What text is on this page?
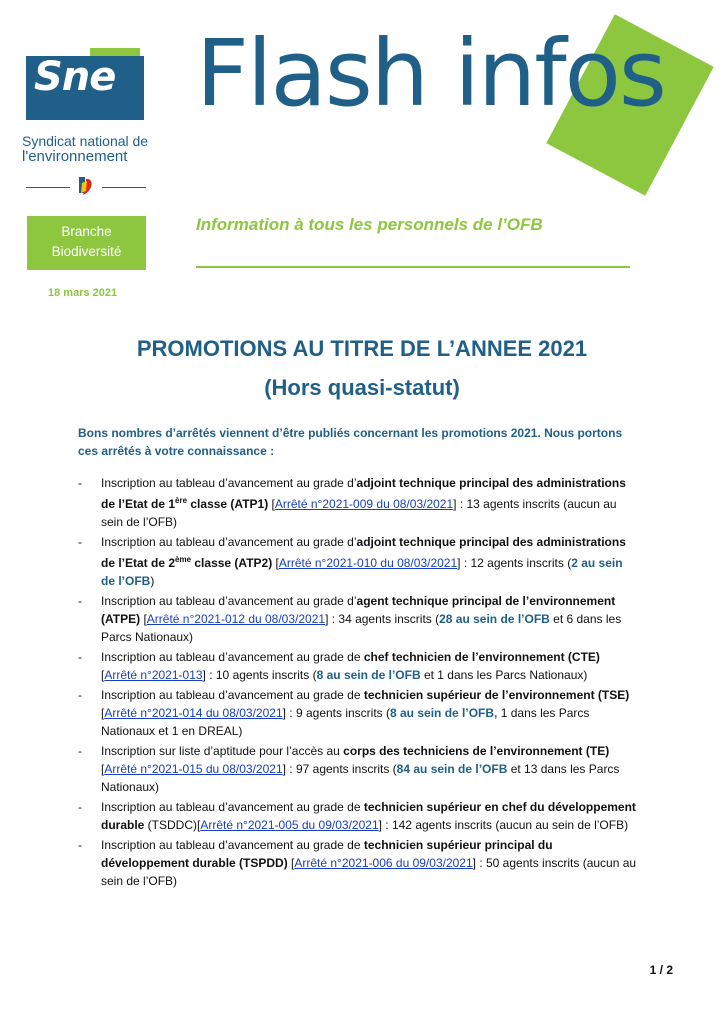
Sne
Syndicat national de
l'environnement
Branche
Biodiversité
18 mars 2021
Flash infos
Information à tous les personnels de l’OFB
PROMOTIONS AU TITRE DE L’ANNEE 2021
(Hors quasi-statut)
Bons nombres d’arrêtés viennent d’être publiés concernant les promotions 2021. Nous portons ces arrêtés à votre connaissance :
- Inscription au tableau d’avancement au grade d’adjoint technique principal des administrations de l’Etat de 1ère classe (ATP1) [Arrêté n°2021-009 du 08/03/2021] : 13 agents inscrits (aucun au sein de l’OFB)
- Inscription au tableau d’avancement au grade d’adjoint technique principal des administrations de l’Etat de 2ème classe (ATP2) [Arrêté n°2021-010 du 08/03/2021] : 12 agents inscrits (2 au sein de l’OFB)
- Inscription au tableau d’avancement au grade d’agent technique principal de l’environnement (ATPE) [Arrêté n°2021-012 du 08/03/2021] : 34 agents inscrits (28 au sein de l’OFB et 6 dans les Parcs Nationaux)
- Inscription au tableau d’avancement au grade de chef technicien de l’environnement (CTE) [Arrêté n°2021-013] : 10 agents inscrits (8 au sein de l’OFB et 1 dans les Parcs Nationaux)
- Inscription au tableau d’avancement au grade de technicien supérieur de l’environnement (TSE) [Arrêté n°2021-014 du 08/03/2021] : 9 agents inscrits (8 au sein de l’OFB, 1 dans les Parcs Nationaux et 1 en DREAL)
- Inscription sur liste d’aptitude pour l’accès au corps des techniciens de l’environnement (TE) [Arrêté n°2021-015 du 08/03/2021] : 97 agents inscrits (84 au sein de l’OFB et 13 dans les Parcs Nationaux)
- Inscription au tableau d’avancement au grade de technicien supérieur en chef du développement durable (TSDDC)[Arrêté n°2021-005 du 09/03/2021] : 142 agents inscrits (aucun au sein de l’OFB)
- Inscription au tableau d’avancement au grade de technicien supérieur principal du développement durable (TSPDD) [Arrêté n°2021-006 du 09/03/2021] : 50 agents inscrits (aucun au sein de l’OFB)
1 / 2
